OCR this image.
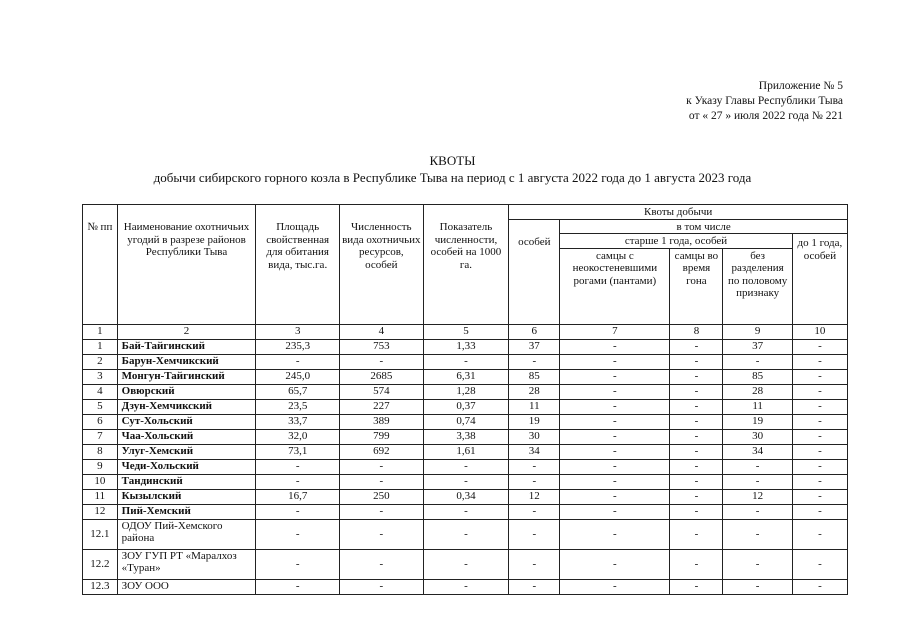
Приложение № 5
к Указу Главы Республики Тыва
от « 27 » июля 2022 года № 221
КВОТЫ
добычи сибирского горного козла в Республике Тыва на период с 1 августа 2022 года до 1 августа 2023 года
№ пп	Наименование охотничьих угодий в разрезе районов Республики Тыва	Площадь свойственная для обитания вида, тыс.га.	Численность вида охотничьих ресурсов, особей	Показатель численности, особей на 1000 га.	Квоты добычи				
					особей	в том числе			
						старше 1 года, особей			до 1 года, особей
						самцы с неокостеневшими рогами (пантами)	самцы во время гона	без разделения по половому признаку	
1	2	3	4	5	6	7	8	9	10
1	Бай-Тайгинский	235,3	753	1,33	37	-	-	37	-
2	Барун-Хемчикский	-	-	-	-	-	-	-	-
3	Монгун-Тайгинский	245,0	2685	6,31	85	-	-	85	-
4	Овюрский	65,7	574	1,28	28	-	-	28	-
5	Дзун-Хемчикский	23,5	227	0,37	11	-	-	11	-
6	Сут-Хольский	33,7	389	0,74	19	-	-	19	-
7	Чаа-Хольский	32,0	799	3,38	30	-	-	30	-
8	Улуг-Хемский	73,1	692	1,61	34	-	-	34	-
9	Чеди-Хольский	-	-	-	-	-	-	-	-
10	Тандинский	-	-	-	-	-	-	-	-
11	Кызылский	16,7	250	0,34	12	-	-	12	-
12	Пий-Хемский	-	-	-	-	-	-	-	-
12.1	ОДОУ Пий-Хемского района	-	-	-	-	-	-	-	-
12.2	ЗОУ ГУП РТ «Маралхоз «Туран»	-	-	-	-	-	-	-	-
12.3	ЗОУ ООО	-	-	-	-	-	-	-	-
